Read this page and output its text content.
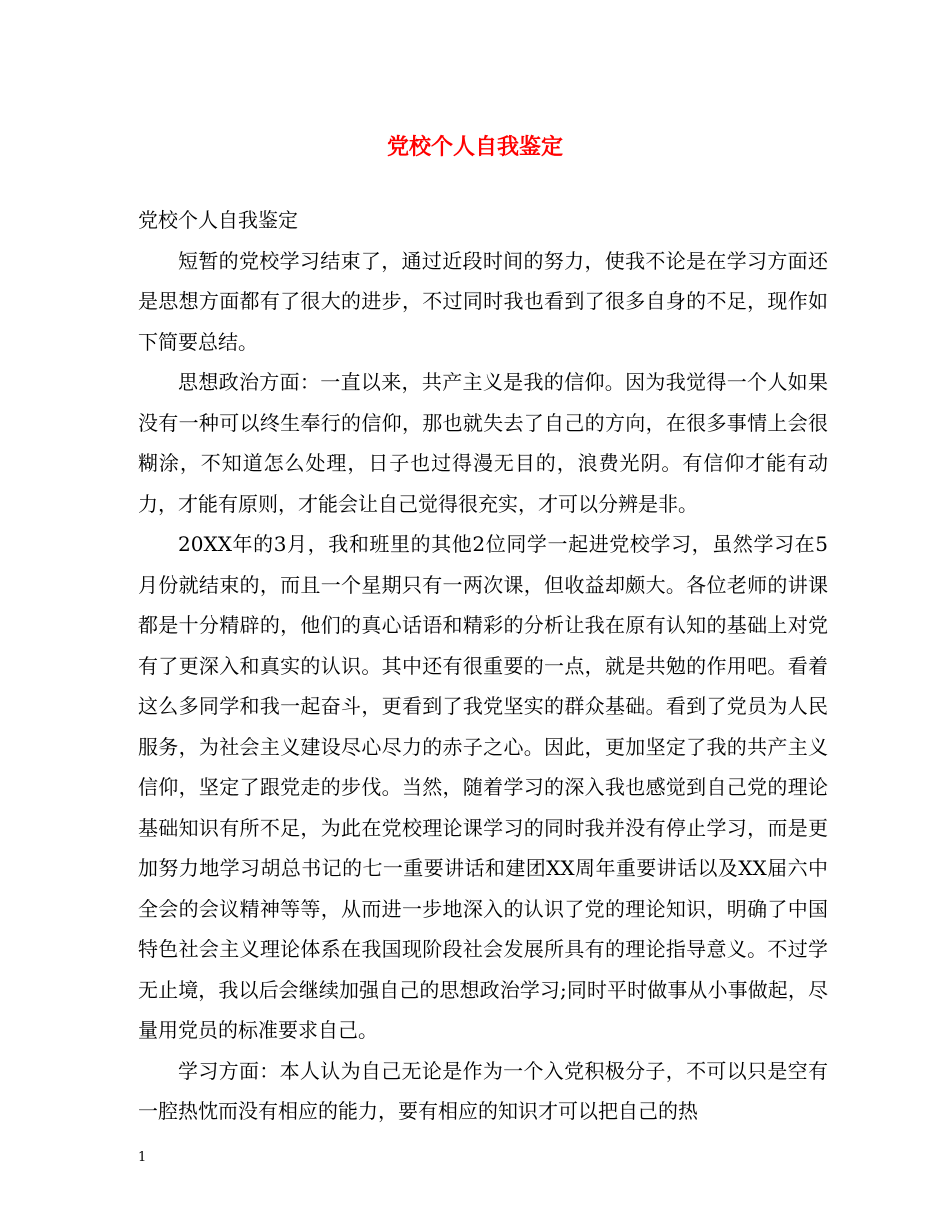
党校个人自我鉴定

党校个人自我鉴定

短暂的党校学习结束了，通过近段时间的努力，使我不论是在学习方面还是思想方面都有了很大的进步，不过同时我也看到了很多自身的不足，现作如下简要总结。

思想政治方面：一直以来，共产主义是我的信仰。因为我觉得一个人如果没有一种可以终生奉行的信仰，那也就失去了自己的方向，在很多事情上会很糊涂，不知道怎么处理，日子也过得漫无目的，浪费光阴。有信仰才能有动力，才能有原则，才能会让自己觉得很充实，才可以分辨是非。

20XX年的3月，我和班里的其他2位同学一起进党校学习，虽然学习在5月份就结束的，而且一个星期只有一两次课，但收益却颇大。各位老师的讲课都是十分精辟的，他们的真心话语和精彩的分析让我在原有认知的基础上对党有了更深入和真实的认识。其中还有很重要的一点，就是共勉的作用吧。看着这么多同学和我一起奋斗，更看到了我党坚实的群众基础。看到了党员为人民服务，为社会主义建设尽心尽力的赤子之心。因此，更加坚定了我的共产主义信仰，坚定了跟党走的步伐。当然，随着学习的深入我也感觉到自己党的理论基础知识有所不足，为此在党校理论课学习的同时我并没有停止学习，而是更加努力地学习胡总书记的七一重要讲话和建团XX周年重要讲话以及XX届六中全会的会议精神等等，从而进一步地深入的认识了党的理论知识，明确了中国特色社会主义理论体系在我国现阶段社会发展所具有的理论指导意义。不过学无止境，我以后会继续加强自己的思想政治学习;同时平时做事从小事做起，尽量用党员的标准要求自己。

学习方面：本人认为自己无论是作为一个入党积极分子，不可以只是空有一腔热忱而没有相应的能力，要有相应的知识才可以把自己的热

1
